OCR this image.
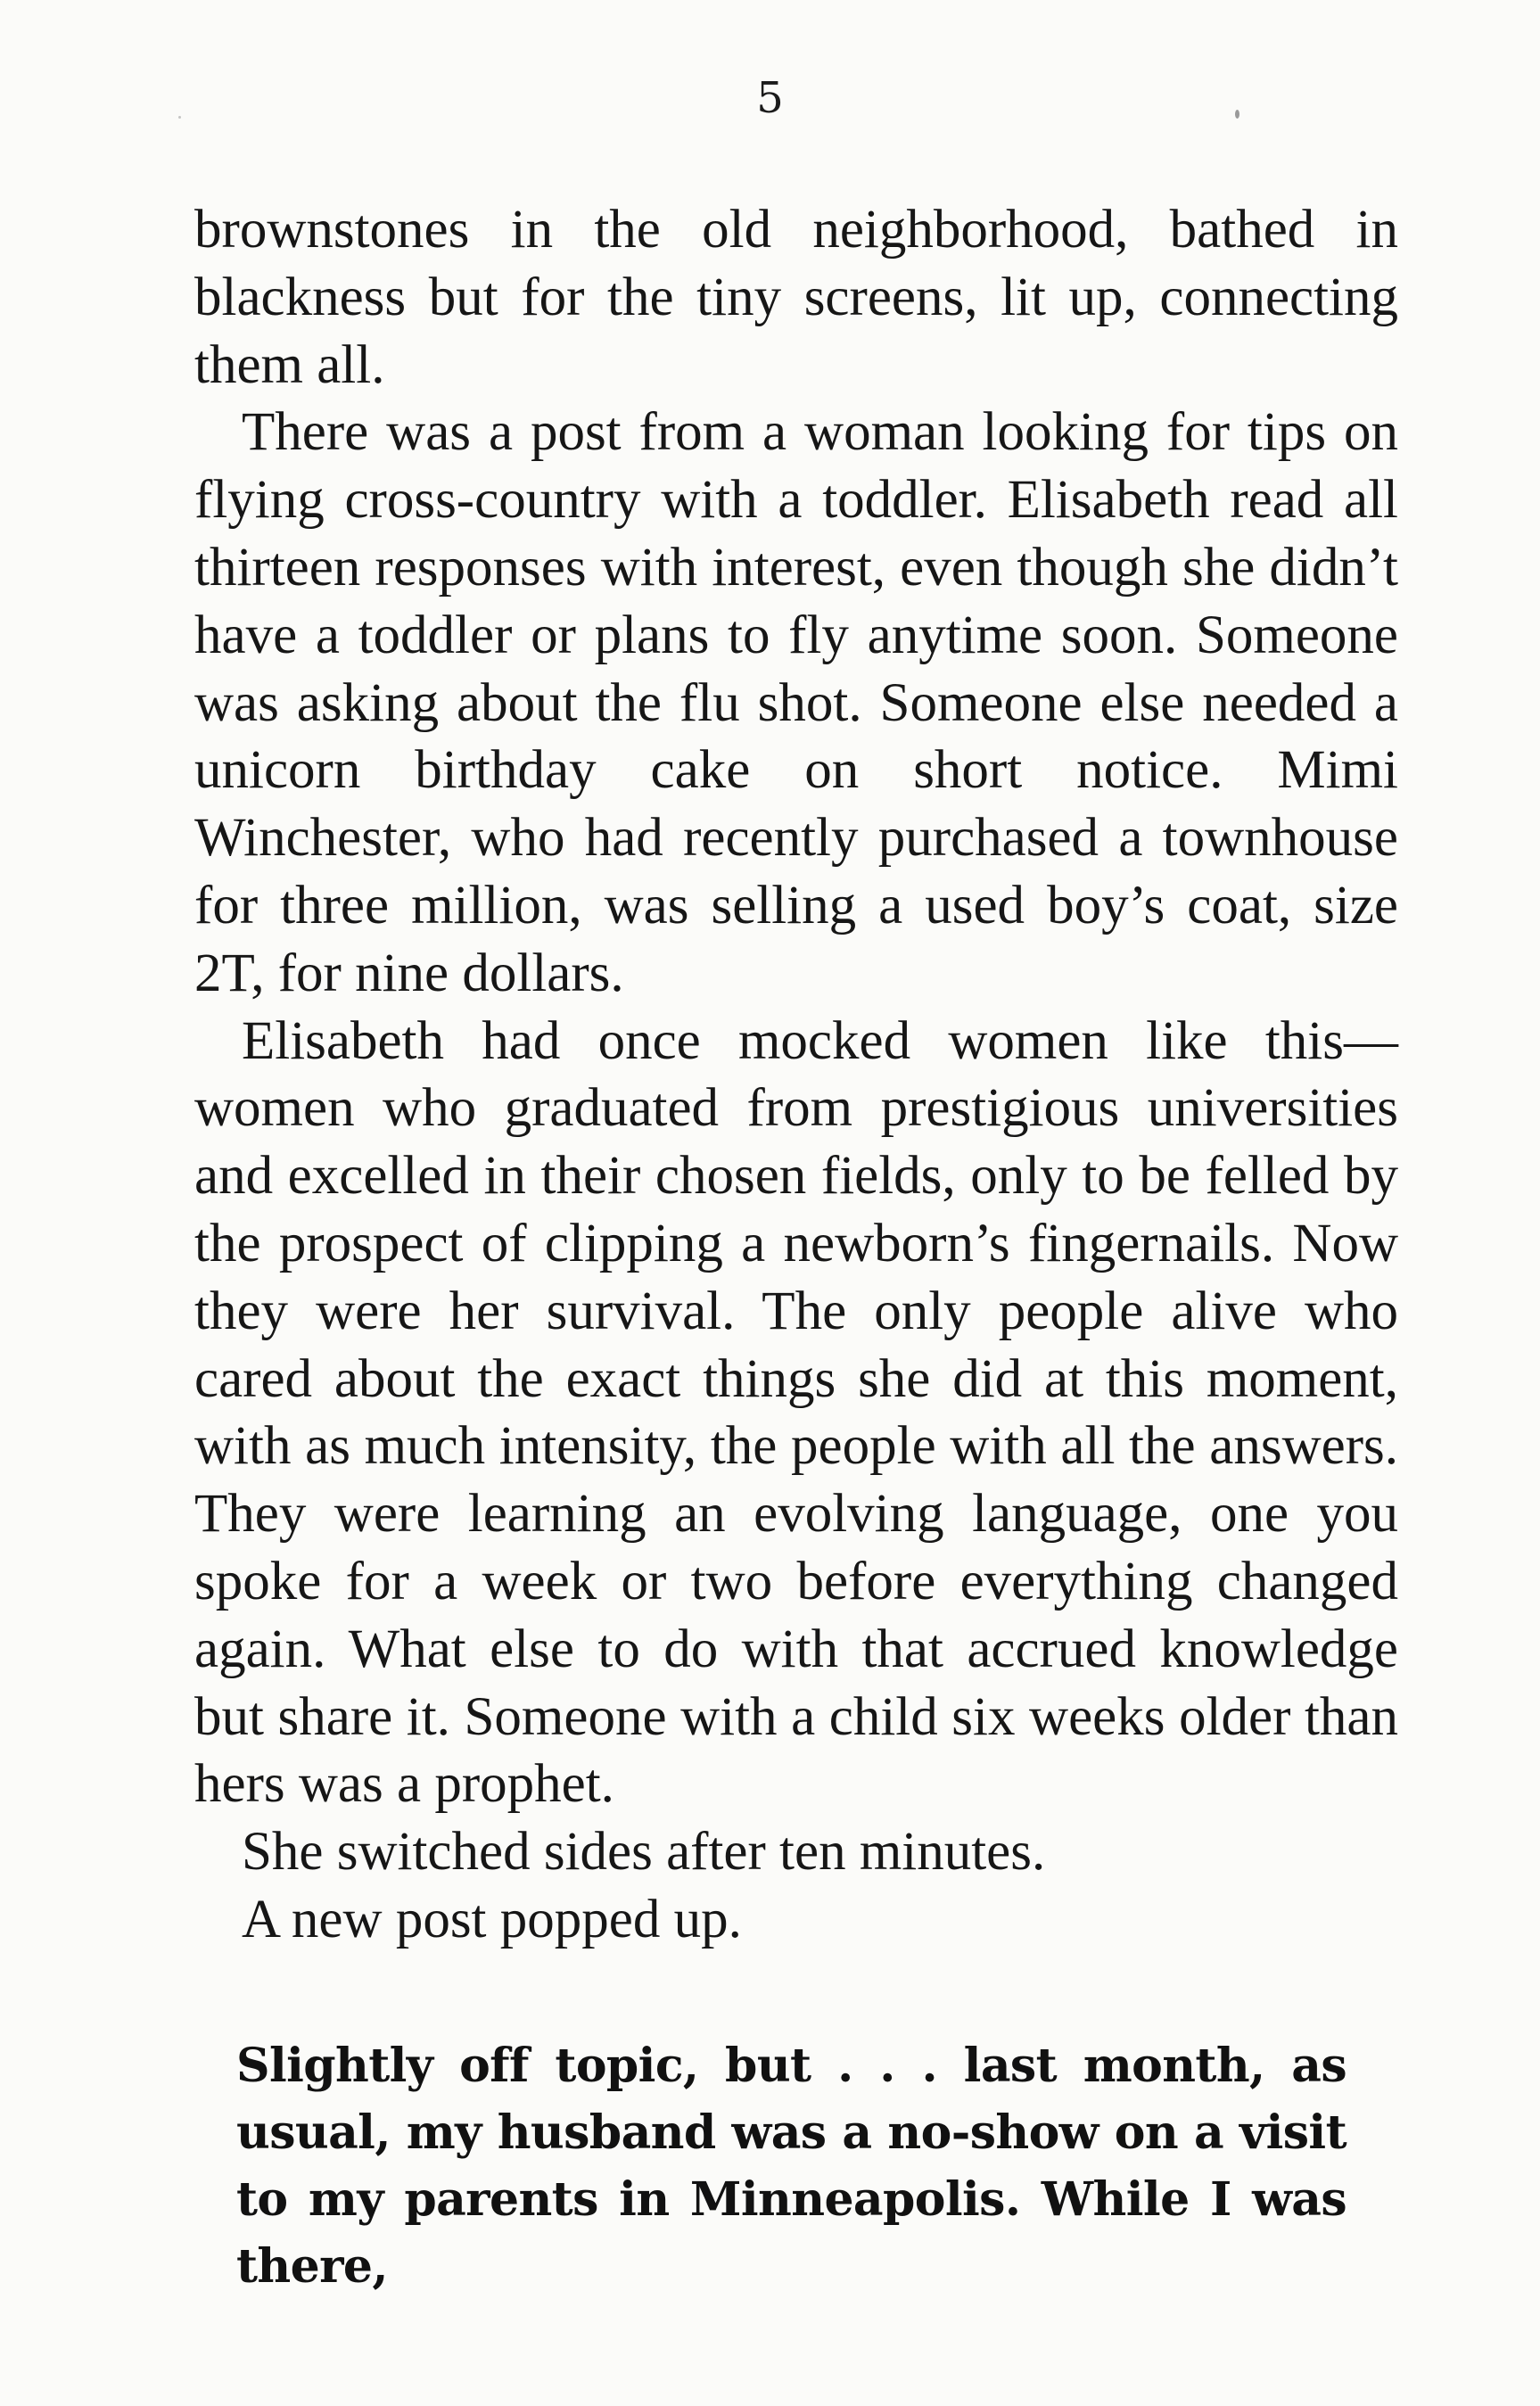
5

brownstones in the old neighborhood, bathed in blackness but for the tiny screens, lit up, connecting them all.

There was a post from a woman looking for tips on flying cross-country with a toddler. Elisabeth read all thirteen responses with interest, even though she didn’t have a toddler or plans to fly anytime soon. Someone was asking about the flu shot. Someone else needed a unicorn birthday cake on short notice. Mimi Winchester, who had recently purchased a townhouse for three million, was selling a used boy’s coat, size 2T, for nine dollars.

Elisabeth had once mocked women like this— women who graduated from prestigious universities and excelled in their chosen fields, only to be felled by the prospect of clipping a newborn’s fingernails. Now they were her survival. The only people alive who cared about the exact things she did at this moment, with as much intensity, the people with all the answers. They were learning an evolving language, one you spoke for a week or two before everything changed again. What else to do with that accrued knowledge but share it. Someone with a child six weeks older than hers was a prophet.

She switched sides after ten minutes.

A new post popped up.

Slightly off topic, but . . . last month, as usual, my husband was a no-show on a visit to my parents in Minneapolis. While I was there,
